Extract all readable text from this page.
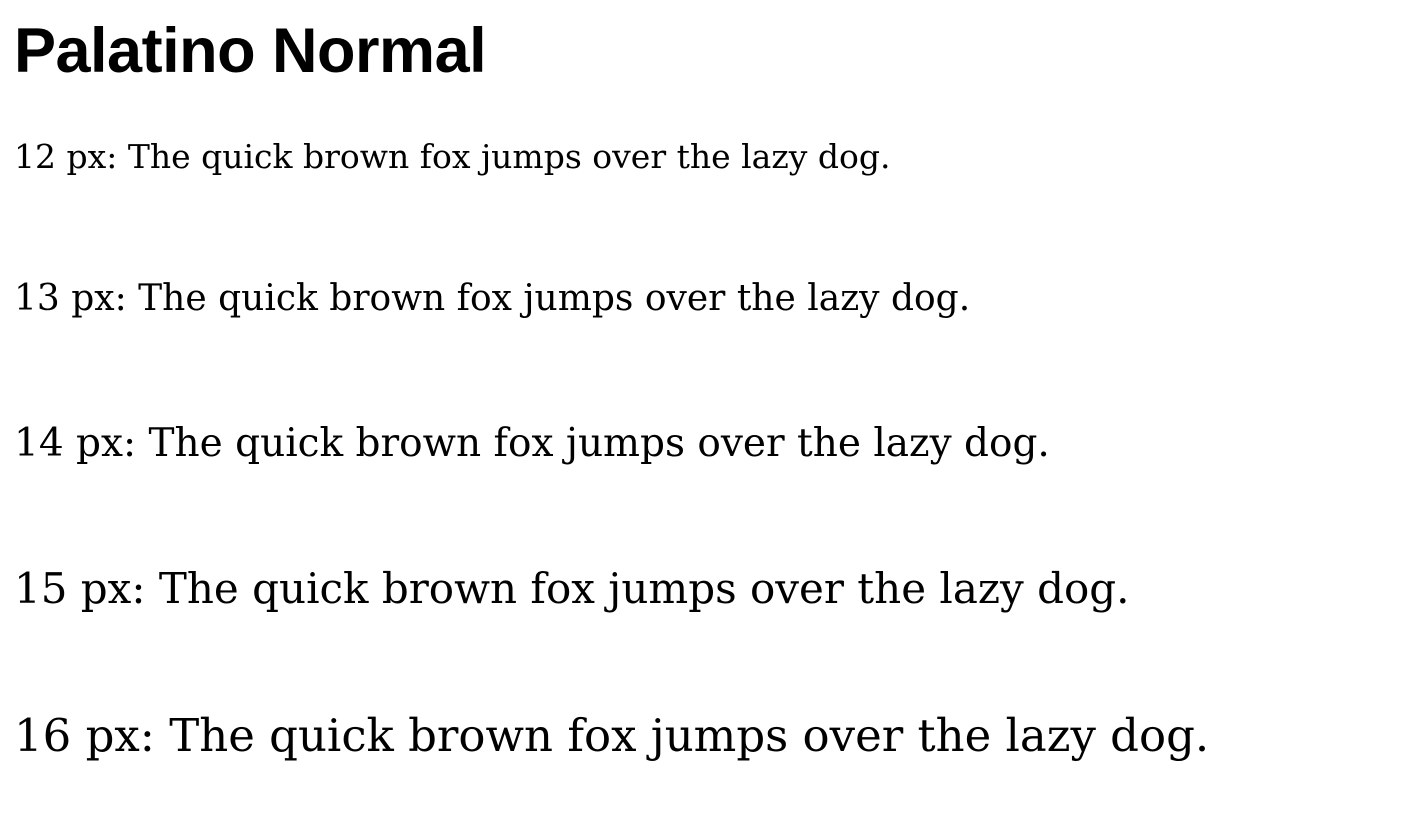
Palatino Normal
12 px: The quick brown fox jumps over the lazy dog.
13 px: The quick brown fox jumps over the lazy dog.
14 px: The quick brown fox jumps over the lazy dog.
15 px: The quick brown fox jumps over the lazy dog.
16 px: The quick brown fox jumps over the lazy dog.
